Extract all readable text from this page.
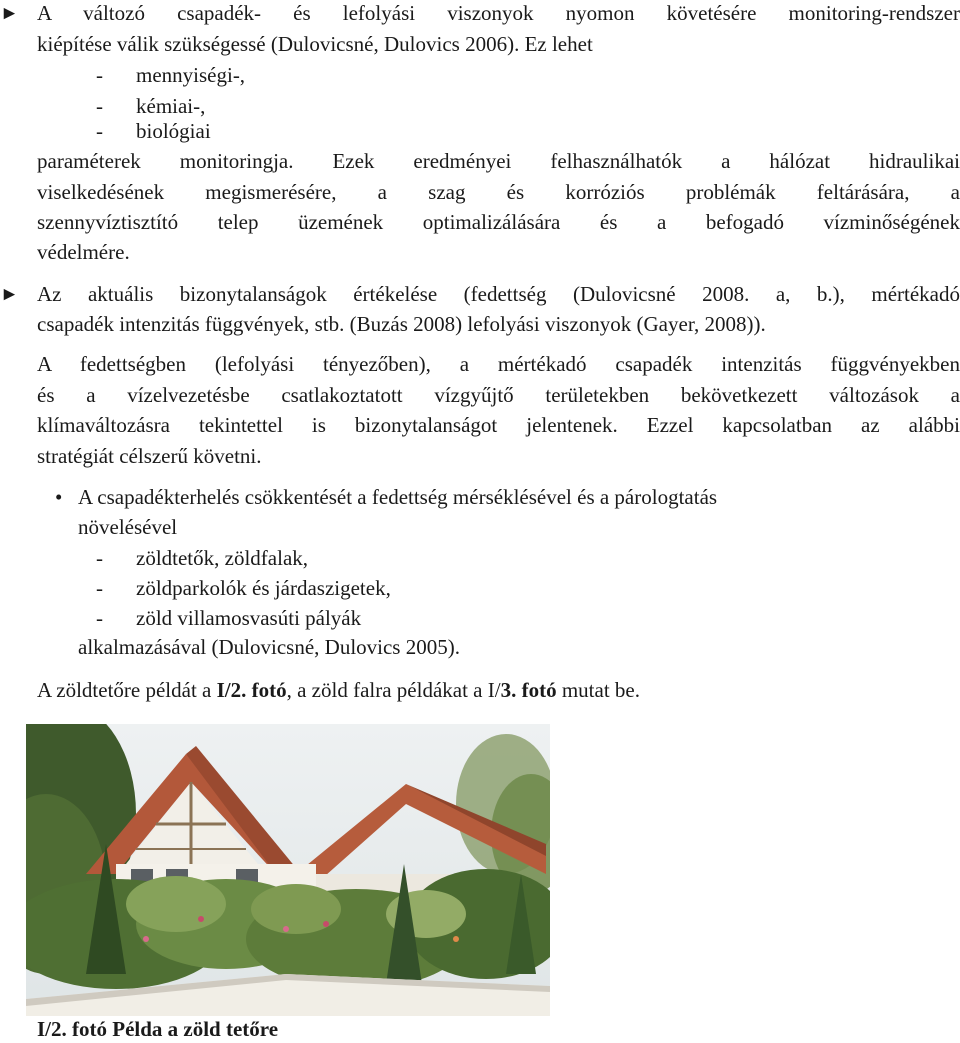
► A változó csapadék- és lefolyási viszonyok nyomon követésére monitoring-rendszer
kiépítése válik szükségessé (Dulovicsné, Dulovics 2006). Ez lehet
- mennyiségi-,
- kémiai-,
- biológiai
paraméterek monitoringja. Ezek eredményei felhasználhatók a hálózat hidraulikai
viselkedésének megismerésére, a szag és korróziós problémák feltárására, a
szennyvíztisztító telep üzemének optimalizálására és a befogadó vízminőségének
védelmére.
► Az aktuális bizonytalanságok értékelése (fedettség (Dulovicsné 2008. a, b.), mértékadó
csapadék intenzitás függvények, stb. (Buzás 2008) lefolyási viszonyok (Gayer, 2008)).
A fedettségben (lefolyási tényezőben), a mértékadó csapadék intenzitás függvényekben
és a vízelvezetésbe csatlakoztatott vízgyűjtő területekben bekövetkezett változások a
klímaváltozásra tekintettel is bizonytalanságot jelentenek. Ezzel kapcsolatban az alábbi
stratégiát célszerű követni.
• A csapadékterhelés csökkentését a fedettség mérséklésével és a párologtatás
növelésével
- zöldtetők, zöldfalak,
- zöldparkolók és járdaszigetek,
- zöld villamosvasúti pályák
alkalmazásával (Dulovicsné, Dulovics 2005).
A zöldtetőre példát a I/2. fotó, a zöld falra példákat a I/3. fotó mutat be.
I/2. fotó Példa a zöld tetőre
